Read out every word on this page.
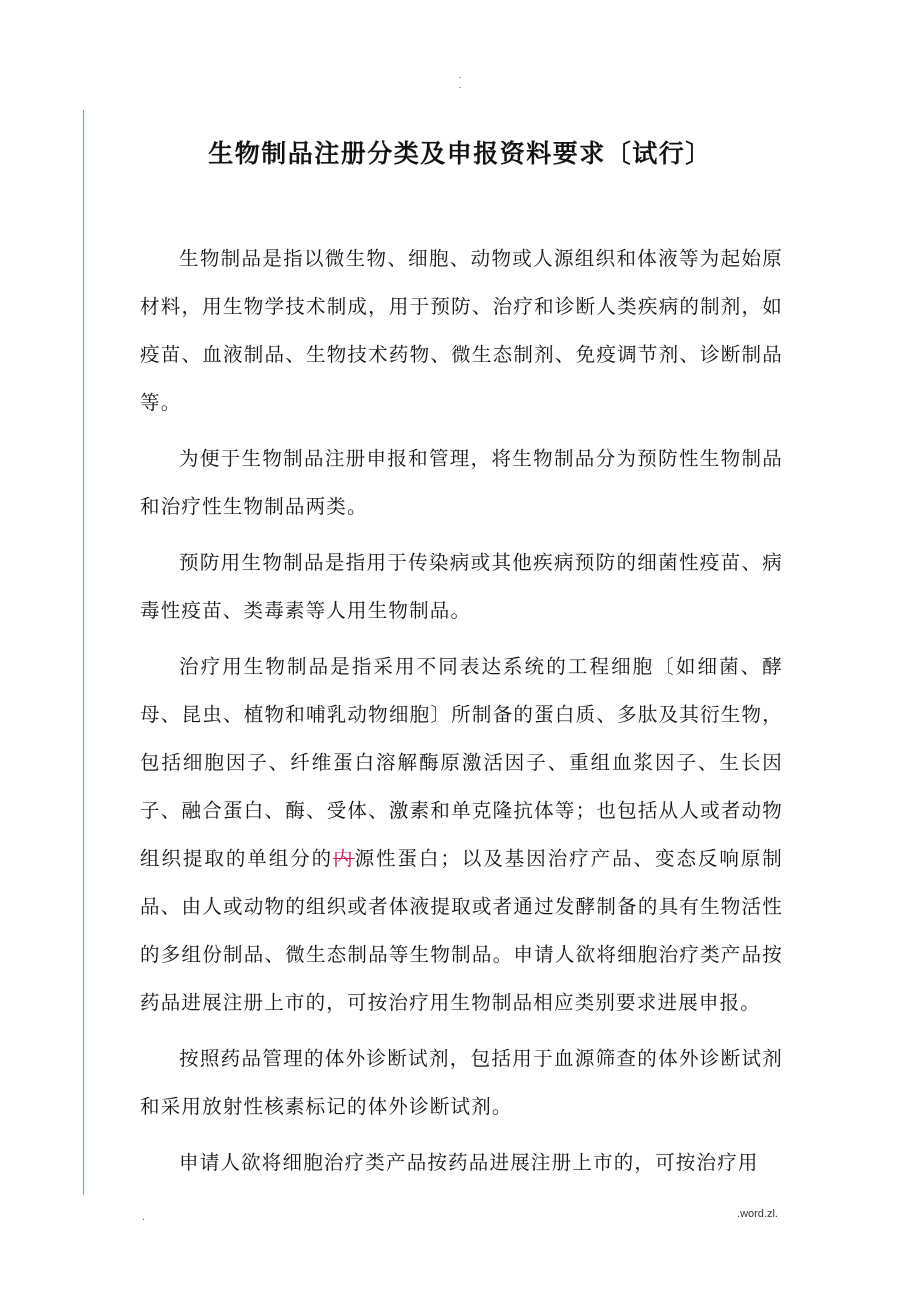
.
.
生物制品注册分类及申报资料要求〔试行〕

生物制品是指以微生物、细胞、动物或人源组织和体液等为起始原材料，用生物学技术制成，用于预防、治疗和诊断人类疾病的制剂，如疫苗、血液制品、生物技术药物、微生态制剂、免疫调节剂、诊断制品等。

为便于生物制品注册申报和管理，将生物制品分为预防性生物制品和治疗性生物制品两类。

预防用生物制品是指用于传染病或其他疾病预防的细菌性疫苗、病毒性疫苗、类毒素等人用生物制品。

治疗用生物制品是指采用不同表达系统的工程细胞〔如细菌、酵母、昆虫、植物和哺乳动物细胞〕所制备的蛋白质、多肽及其衍生物，包括细胞因子、纤维蛋白溶解酶原激活因子、重组血浆因子、生长因子、融合蛋白、酶、受体、激素和单克隆抗体等；也包括从人或者动物组织提取的单组分的内源性蛋白；以及基因治疗产品、变态反响原制品、由人或动物的组织或者体液提取或者通过发酵制备的具有生物活性的多组份制品、微生态制品等生物制品。申请人欲将细胞治疗类产品按药品进展注册上市的，可按治疗用生物制品相应类别要求进展申报。

按照药品管理的体外诊断试剂，包括用于血源筛查的体外诊断试剂和采用放射性核素标记的体外诊断试剂。

申请人欲将细胞治疗类产品按药品进展注册上市的，可按治疗用

.	.word.zl.
